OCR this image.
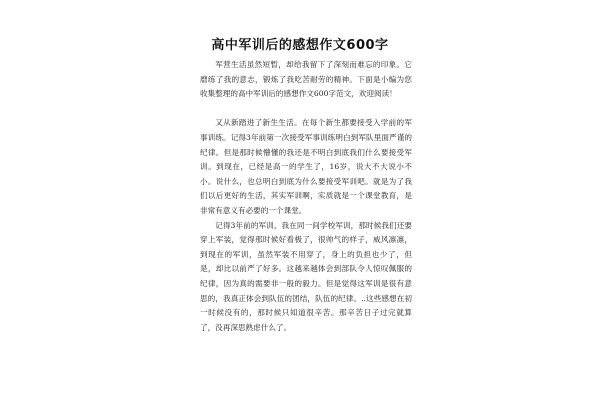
高中军训后的感想作文600字

军营生活虽然短暂，却给我留下了深刻而难忘的印象。它磨练了我的意志，锻炼了我吃苦耐劳的精神。下面是小编为您收集整理的高中军训后的感想作文600字范文，欢迎阅读！

又从新踏进了新生生活。在每个新生都要接受入学前的军事训练。记得3年前第一次接受军事训练明白到军队里面严谨的纪律。但是那时候懵懂的我还是不明白到底我们什么要接受军训。到现在，已经是高一的学生了，16岁，说大不大说小不小。说什么，也总明白到底为什么要接受军训吧。就是为了我们以后更好的生活，其实军训啊，实质就是一个课堂教育，是非常有意义有必要的一个课堂。

记得3年前的军训，我在同一间学校军训，那时候我们还要穿上军装，觉得那时候好看极了，很帅气的样子，威风凛凛，到现在的军训，虽然军装不用穿了，身上的负担也少了，但是，却比以前严了好多。这越来越体会到部队令人惊叹佩服的纪律，因为真的需要非一般的毅力。但是觉得这军训是很有意思的，我真正体会到队伍的团结，队伍的纪律。..这些感想在初一时候没有的，那时候只知道很辛苦。那辛苦日子过完就算了，没再深思熟虑什么了。
